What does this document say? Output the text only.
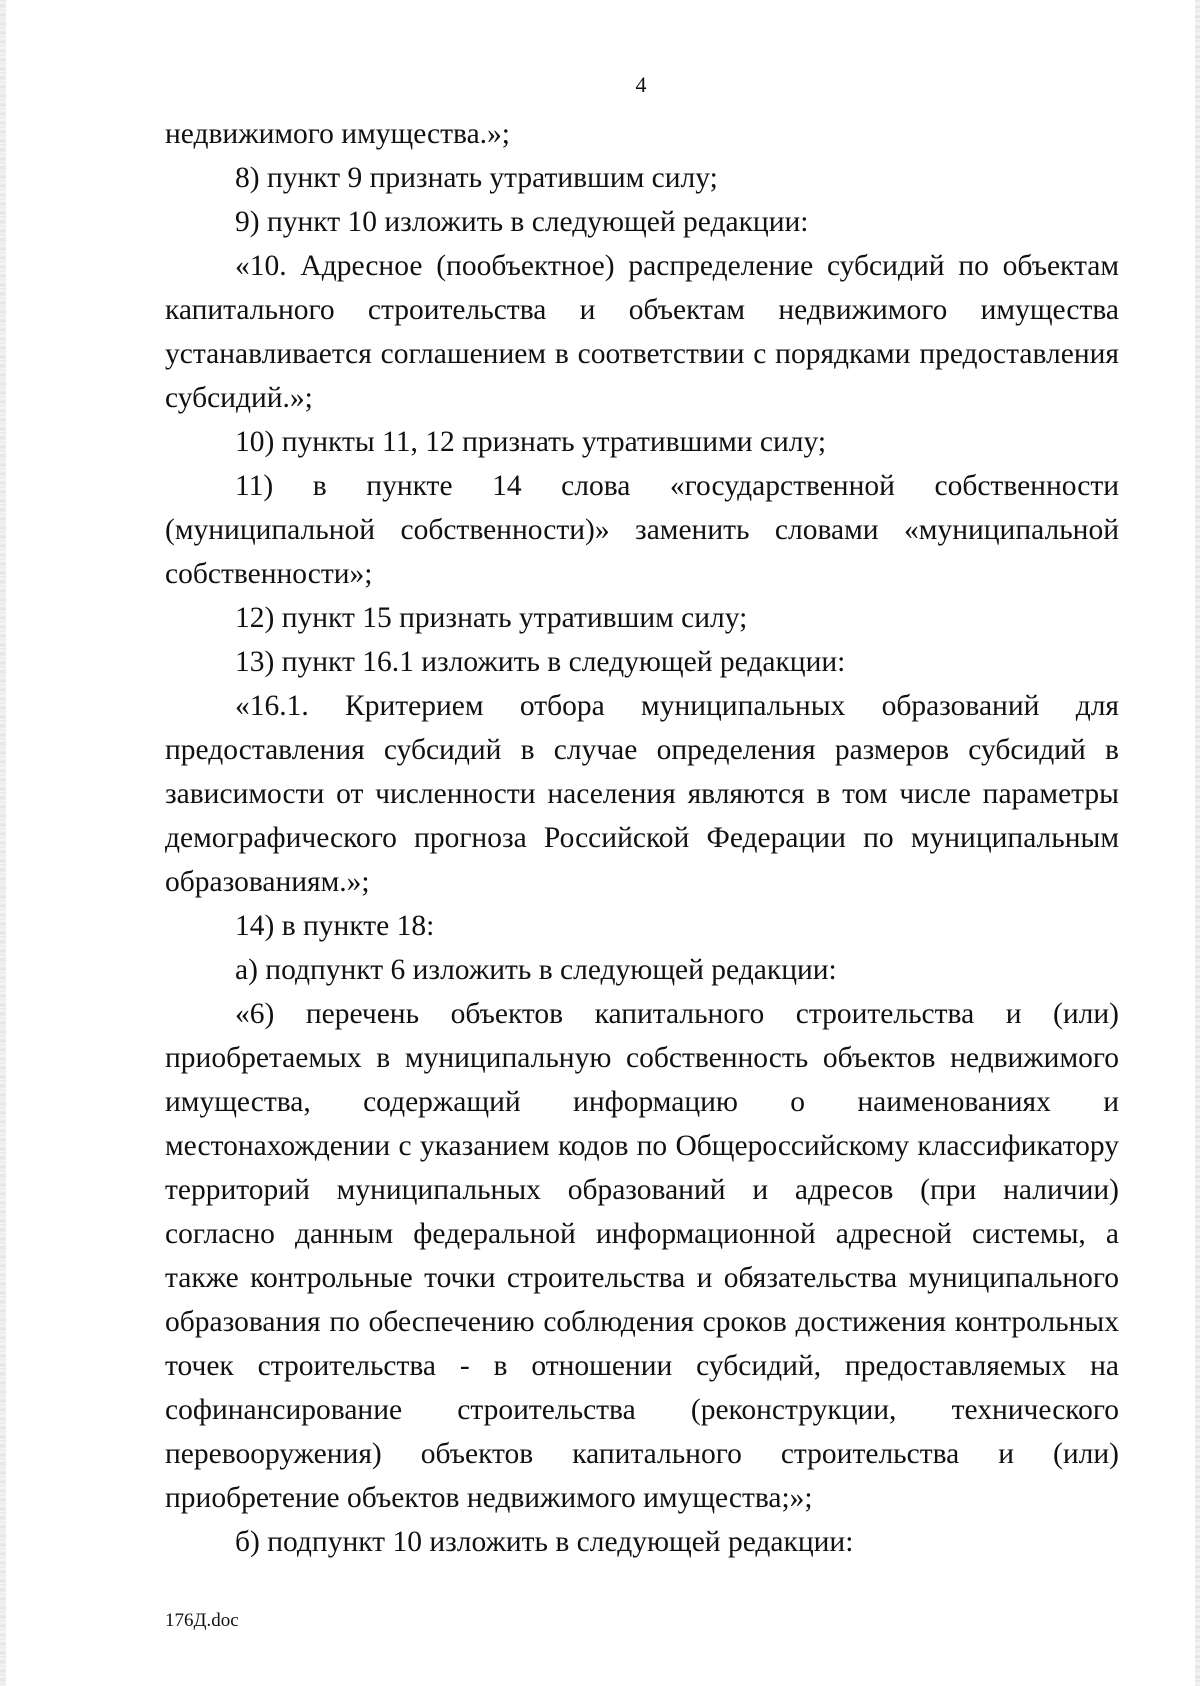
4

недвижимого имущества.»;

8) пункт 9 признать утратившим силу;

9) пункт 10 изложить в следующей редакции:

«10. Адресное (пообъектное) распределение субсидий по объектам капитального строительства и объектам недвижимого имущества устанавливается соглашением в соответствии с порядками предоставления субсидий.»;

10) пункты 11, 12 признать утратившими силу;

11) в пункте 14 слова «государственной собственности (муниципальной собственности)» заменить словами «муниципальной собственности»;

12) пункт 15 признать утратившим силу;

13) пункт 16.1 изложить в следующей редакции:

«16.1. Критерием отбора муниципальных образований для предоставления субсидий в случае определения размеров субсидий в зависимости от численности населения являются в том числе параметры демографического прогноза Российской Федерации по муниципальным образованиям.»;

14) в пункте 18:

а) подпункт 6 изложить в следующей редакции:

«6) перечень объектов капитального строительства и (или) приобретаемых в муниципальную собственность объектов недвижимого имущества, содержащий информацию о наименованиях и местонахождении с указанием кодов по Общероссийскому классификатору территорий муниципальных образований и адресов (при наличии) согласно данным федеральной информационной адресной системы, а также контрольные точки строительства и обязательства муниципального образования по обеспечению соблюдения сроков достижения контрольных точек строительства - в отношении субсидий, предоставляемых на софинансирование строительства (реконструкции, технического перевооружения) объектов капитального строительства и (или) приобретение объектов недвижимого имущества;»;

б) подпункт 10 изложить в следующей редакции:

176Д.doc
